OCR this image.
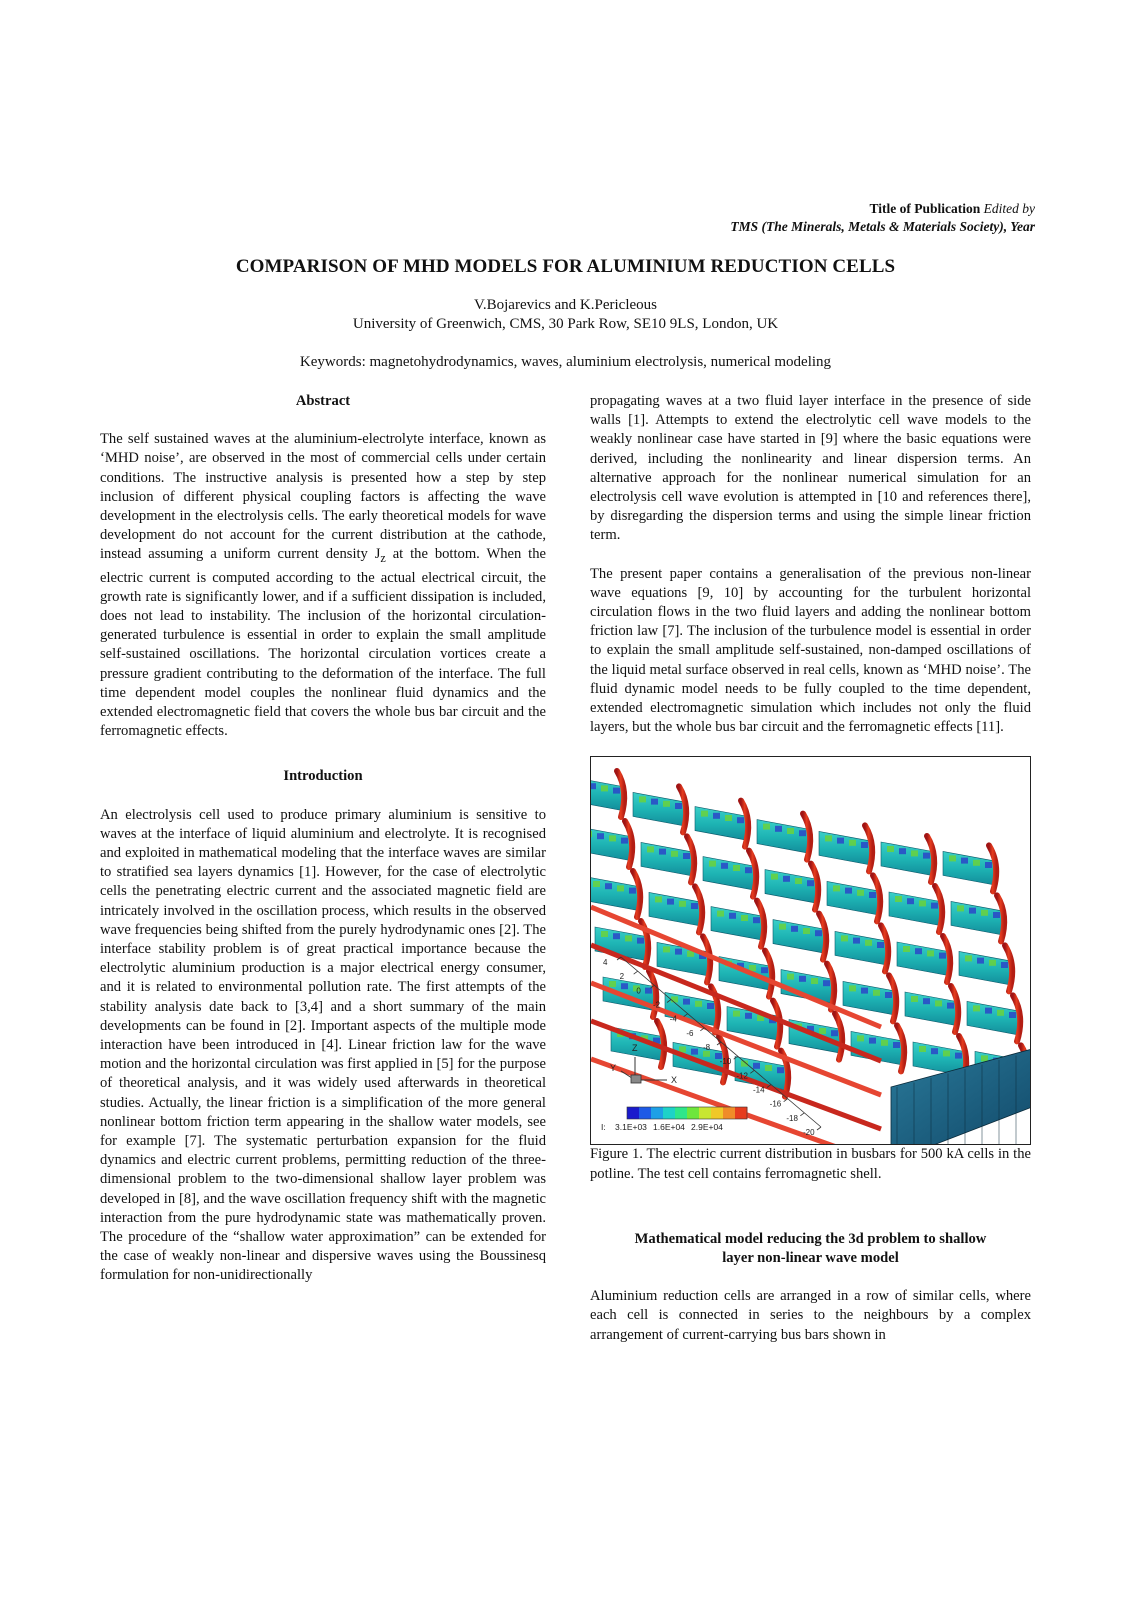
Title of Publication Edited by
TMS (The Minerals, Metals & Materials Society), Year
COMPARISON OF MHD MODELS FOR ALUMINIUM REDUCTION CELLS
V.Bojarevics and K.Pericleous
University of Greenwich, CMS, 30 Park Row, SE10 9LS, London, UK
Keywords: magnetohydrodynamics, waves, aluminium electrolysis, numerical modeling
Abstract

The self sustained waves at the aluminium-electrolyte interface, known as ‘MHD noise’, are observed in the most of commercial cells under certain conditions. The instructive analysis is presented how a step by step inclusion of different physical coupling factors is affecting the wave development in the electrolysis cells. The early theoretical models for wave development do not account for the current distribution at the cathode, instead assuming a uniform current density $J_z$ at the bottom. When the electric current is computed according to the actual electrical circuit, the growth rate is significantly lower, and if a sufficient dissipation is included, does not lead to instability. The inclusion of the horizontal circulation-generated turbulence is essential in order to explain the small amplitude self-sustained oscillations. The horizontal circulation vortices create a pressure gradient contributing to the deformation of the interface. The full time dependent model couples the nonlinear fluid dynamics and the extended electromagnetic field that covers the whole bus bar circuit and the ferromagnetic effects.

Introduction

An electrolysis cell used to produce primary aluminium is sensitive to waves at the interface of liquid aluminium and electrolyte. It is recognised and exploited in mathematical modeling that the interface waves are similar to stratified sea layers dynamics [1]. However, for the case of electrolytic cells the penetrating electric current and the associated magnetic field are intricately involved in the oscillation process, which results in the observed wave frequencies being shifted from the purely hydrodynamic ones [2]. The interface stability problem is of great practical importance because the electrolytic aluminium production is a major electrical energy consumer, and it is related to environmental pollution rate. The first attempts of the stability analysis date back to [3,4] and a short summary of the main developments can be found in [2]. Important aspects of the multiple mode interaction have been introduced in [4]. Linear friction law for the wave motion and the horizontal circulation was first applied in [5] for the purpose of theoretical analysis, and it was widely used afterwards in theoretical studies. Actually, the linear friction is a simplification of the more general nonlinear bottom friction term appearing in the shallow water models, see for example [7]. The systematic perturbation expansion for the fluid dynamics and electric current problems, permitting reduction of the three-dimensional problem to the two-dimensional shallow layer problem was developed in [8], and the wave oscillation frequency shift with the magnetic interaction from the pure hydrodynamic state was mathematically proven. The procedure of the “shallow water approximation” can be extended for the case of weakly non-linear and dispersive waves using the Boussinesq formulation for non-unidirectionally

propagating waves at a two fluid layer interface in the presence of side walls [1]. Attempts to extend the electrolytic cell wave models to the weakly nonlinear case have started in [9] where the basic equations were derived, including the nonlinearity and linear dispersion terms. An alternative approach for the nonlinear numerical simulation for an electrolysis cell wave evolution is attempted in [10 and references there], by disregarding the dispersion terms and using the simple linear friction term.

The present paper contains a generalisation of the previous non-linear wave equations [9, 10] by accounting for the turbulent horizontal circulation flows in the two fluid layers and adding the nonlinear bottom friction law [7]. The inclusion of the turbulence model is essential in order to explain the small amplitude self-sustained, non-damped oscillations of the liquid metal surface observed in real cells, known as ‘MHD noise’. The fluid dynamic model needs to be fully coupled to the time dependent, extended electromagnetic simulation which includes not only the fluid layers, but the whole bus bar circuit and the ferromagnetic effects [11].

4
2
0
-2
-4
-6
-8
-10
-12
-14
-16
-18
-20
Z
Y
X
I: 3.1E+03 1.6E+04 2.9E+04

Figure 1. The electric current distribution in busbars for 500 kA cells in the potline. The test cell contains ferromagnetic shell.

Mathematical model reducing the 3d problem to shallow
layer non-linear wave model

Aluminium reduction cells are arranged in a row of similar cells, where each cell is connected in series to the neighbours by a complex arrangement of current-carrying bus bars shown in
